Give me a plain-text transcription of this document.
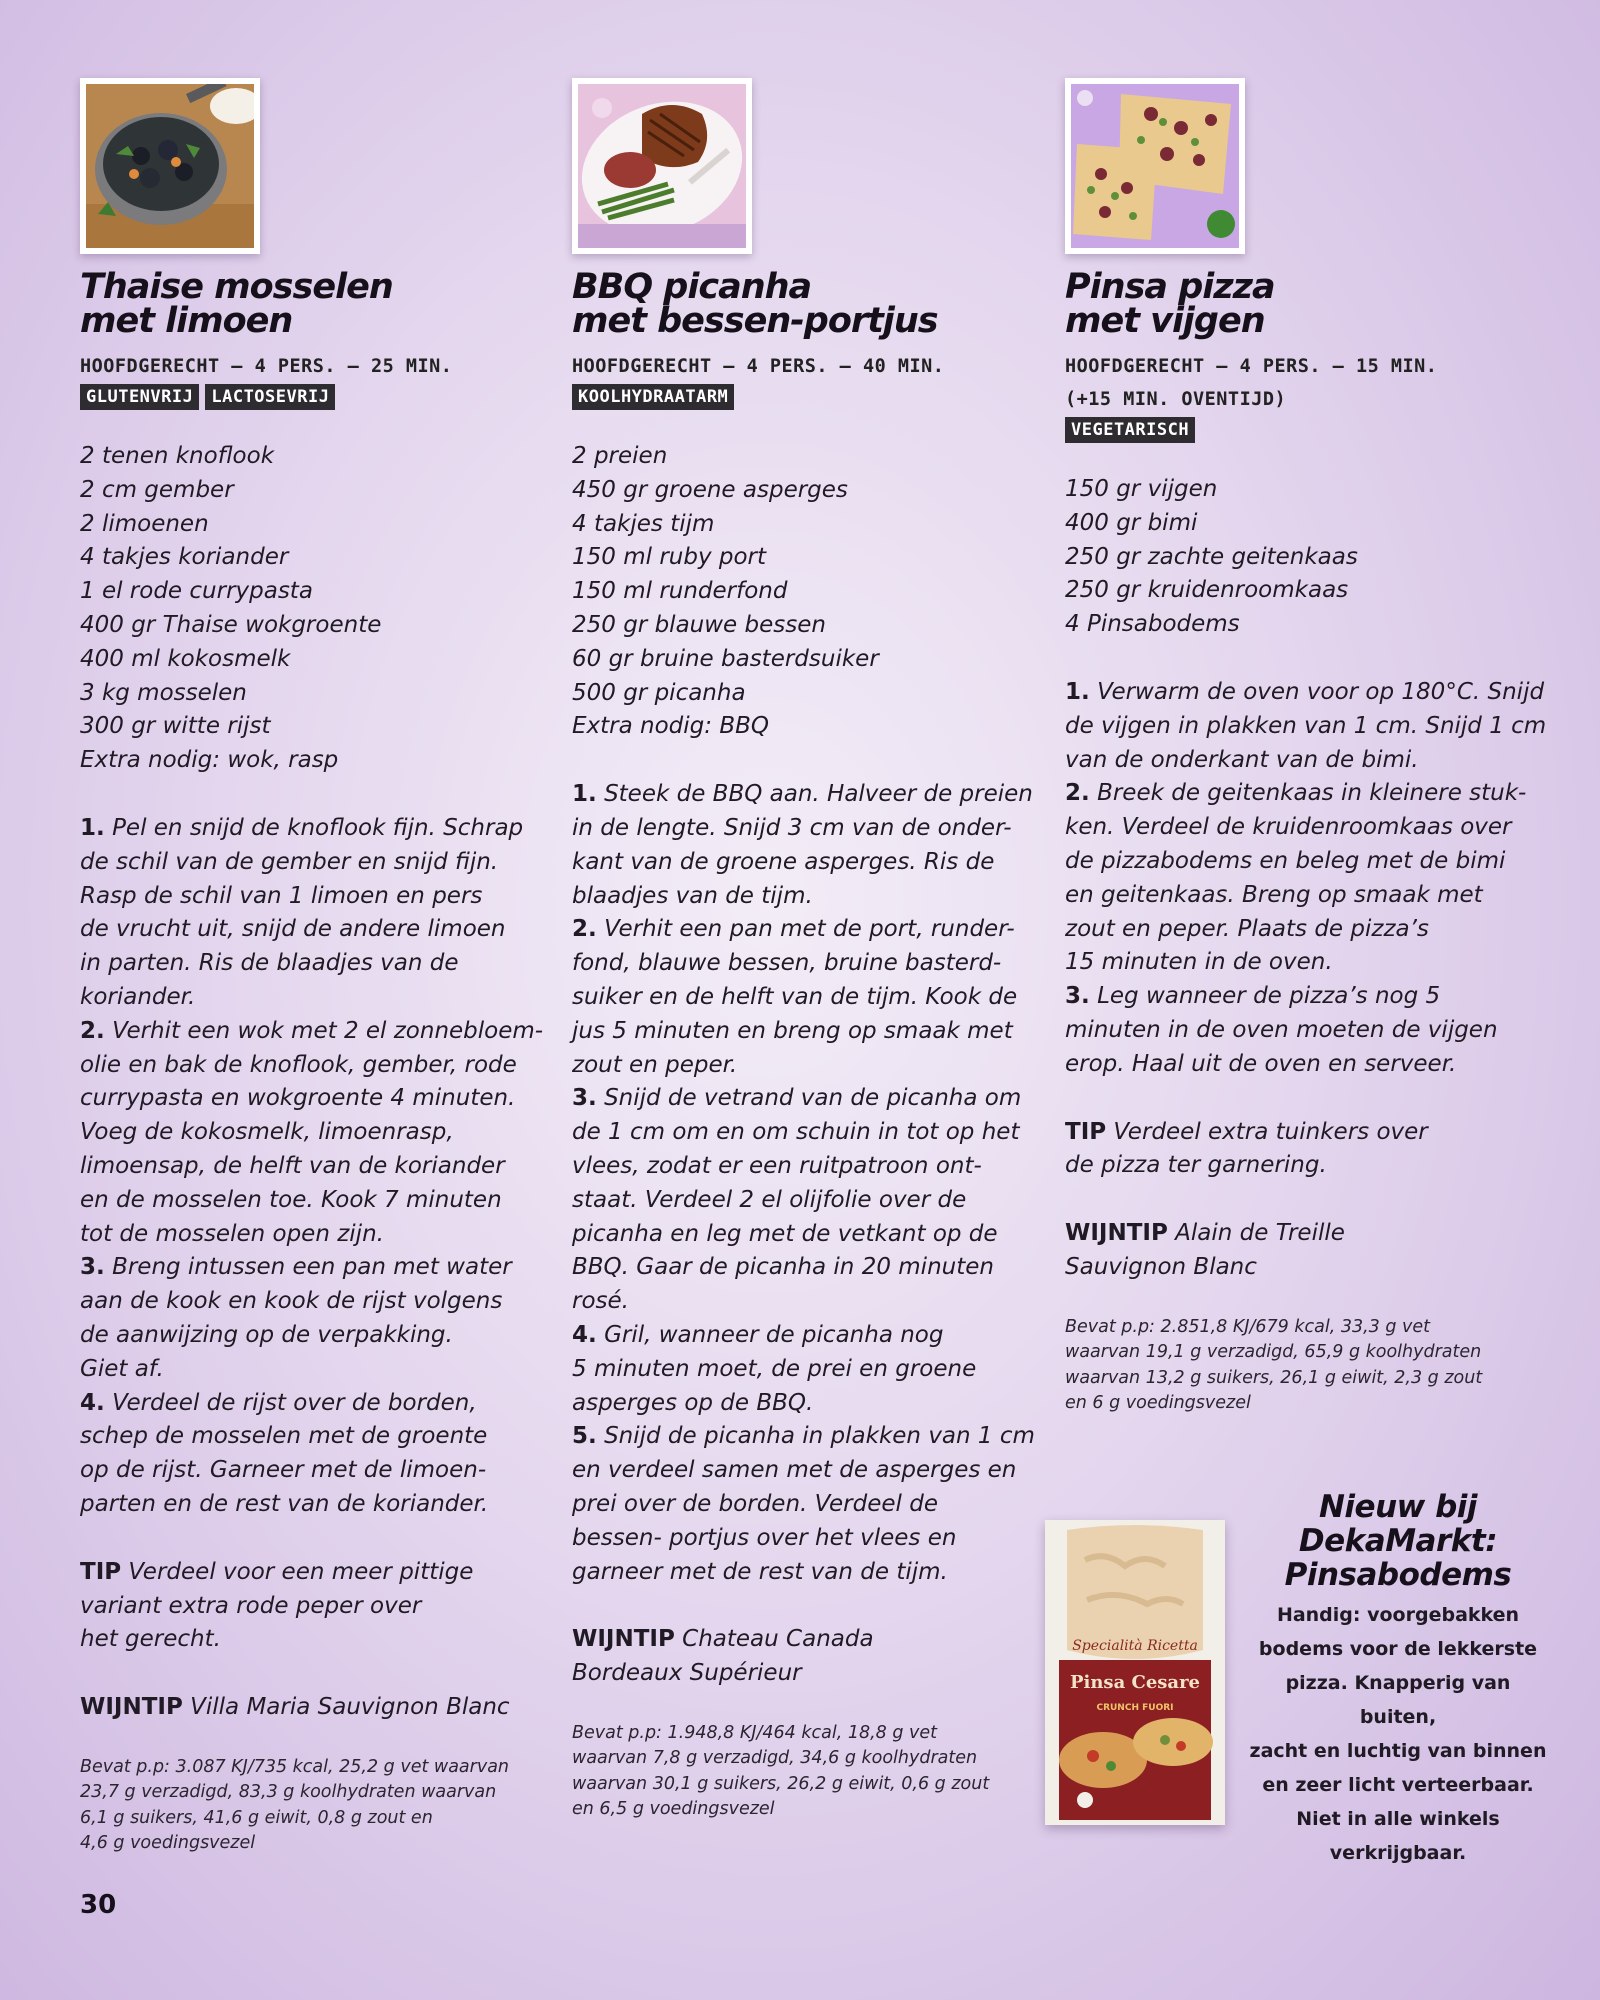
Thaise mosselen
met limoen
HOOFDGERECHT – 4 PERS. – 25 MIN.
GLUTENVRIJ	LACTOSEVRIJ
2 tenen knoflook
2 cm gember
2 limoenen
4 takjes koriander
1 el rode currypasta
400 gr Thaise wokgroente
400 ml kokosmelk
3 kg mosselen
300 gr witte rijst
Extra nodig: wok, rasp
1. Pel en snijd de knoflook fijn. Schrap
de schil van de gember en snijd fijn.
Rasp de schil van 1 limoen en pers
de vrucht uit, snijd de andere limoen
in parten. Ris de blaadjes van de
koriander.
2. Verhit een wok met 2 el zonnebloem-
olie en bak de knoflook, gember, rode
currypasta en wokgroente 4 minuten.
Voeg de kokosmelk, limoenrasp,
limoensap, de helft van de koriander
en de mosselen toe. Kook 7 minuten
tot de mosselen open zijn.
3. Breng intussen een pan met water
aan de kook en kook de rijst volgens
de aanwijzing op de verpakking.
Giet af.
4. Verdeel de rijst over de borden,
schep de mosselen met de groente
op de rijst. Garneer met de limoen-
parten en de rest van de koriander.
TIP Verdeel voor een meer pittige
variant extra rode peper over
het gerecht.
WIJNTIP Villa Maria Sauvignon Blanc
Bevat p.p: 3.087 KJ/735 kcal, 25,2 g vet waarvan
23,7 g verzadigd, 83,3 g koolhydraten waarvan
6,1 g suikers, 41,6 g eiwit, 0,8 g zout en
4,6 g voedingsvezel
BBQ picanha
met bessen-portjus
HOOFDGERECHT – 4 PERS. – 40 MIN.
KOOLHYDRAATARM
2 preien
450 gr groene asperges
4 takjes tijm
150 ml ruby port
150 ml runderfond
250 gr blauwe bessen
60 gr bruine basterdsuiker
500 gr picanha
Extra nodig: BBQ
1. Steek de BBQ aan. Halveer de preien
in de lengte. Snijd 3 cm van de onder-
kant van de groene asperges. Ris de
blaadjes van de tijm.
2. Verhit een pan met de port, runder-
fond, blauwe bessen, bruine basterd-
suiker en de helft van de tijm. Kook de
jus 5 minuten en breng op smaak met
zout en peper.
3. Snijd de vetrand van de picanha om
de 1 cm om en om schuin in tot op het
vlees, zodat er een ruitpatroon ont-
staat. Verdeel 2 el olijfolie over de
picanha en leg met de vetkant op de
BBQ. Gaar de picanha in 20 minuten
rosé.
4. Gril, wanneer de picanha nog
5 minuten moet, de prei en groene
asperges op de BBQ.
5. Snijd de picanha in plakken van 1 cm
en verdeel samen met de asperges en
prei over de borden. Verdeel de
bessen- portjus over het vlees en
garneer met de rest van de tijm.
WIJNTIP Chateau Canada
Bordeaux Supérieur
Bevat p.p: 1.948,8 KJ/464 kcal, 18,8 g vet
waarvan 7,8 g verzadigd, 34,6 g koolhydraten
waarvan 30,1 g suikers, 26,2 g eiwit, 0,6 g zout
en 6,5 g voedingsvezel
Pinsa pizza
met vijgen
HOOFDGERECHT – 4 PERS. – 15 MIN.
(+15 MIN. OVENTIJD)
VEGETARISCH
150 gr vijgen
400 gr bimi
250 gr zachte geitenkaas
250 gr kruidenroomkaas
4 Pinsabodems
1. Verwarm de oven voor op 180°C. Snijd
de vijgen in plakken van 1 cm. Snijd 1 cm
van de onderkant van de bimi.
2. Breek de geitenkaas in kleinere stuk-
ken. Verdeel de kruidenroomkaas over
de pizzabodems en beleg met de bimi
en geitenkaas. Breng op smaak met
zout en peper. Plaats de pizza’s
15 minuten in de oven.
3. Leg wanneer de pizza’s nog 5
minuten in de oven moeten de vijgen
erop. Haal uit de oven en serveer.
TIP Verdeel extra tuinkers over
de pizza ter garnering.
WIJNTIP Alain de Treille
Sauvignon Blanc
Bevat p.p: 2.851,8 KJ/679 kcal, 33,3 g vet
waarvan 19,1 g verzadigd, 65,9 g koolhydraten
waarvan 13,2 g suikers, 26,1 g eiwit, 2,3 g zout
en 6 g voedingsvezel
Specialità Ricetta
Pinsa Cesare
CRUNCH FUORI
Nieuw bij
DekaMarkt:
Pinsabodems
Handig: voorgebakken
bodems voor de lekkerste
pizza. Knapperig van buiten,
zacht en luchtig van binnen
en zeer licht verteerbaar.
Niet in alle winkels
verkrijgbaar.
30
